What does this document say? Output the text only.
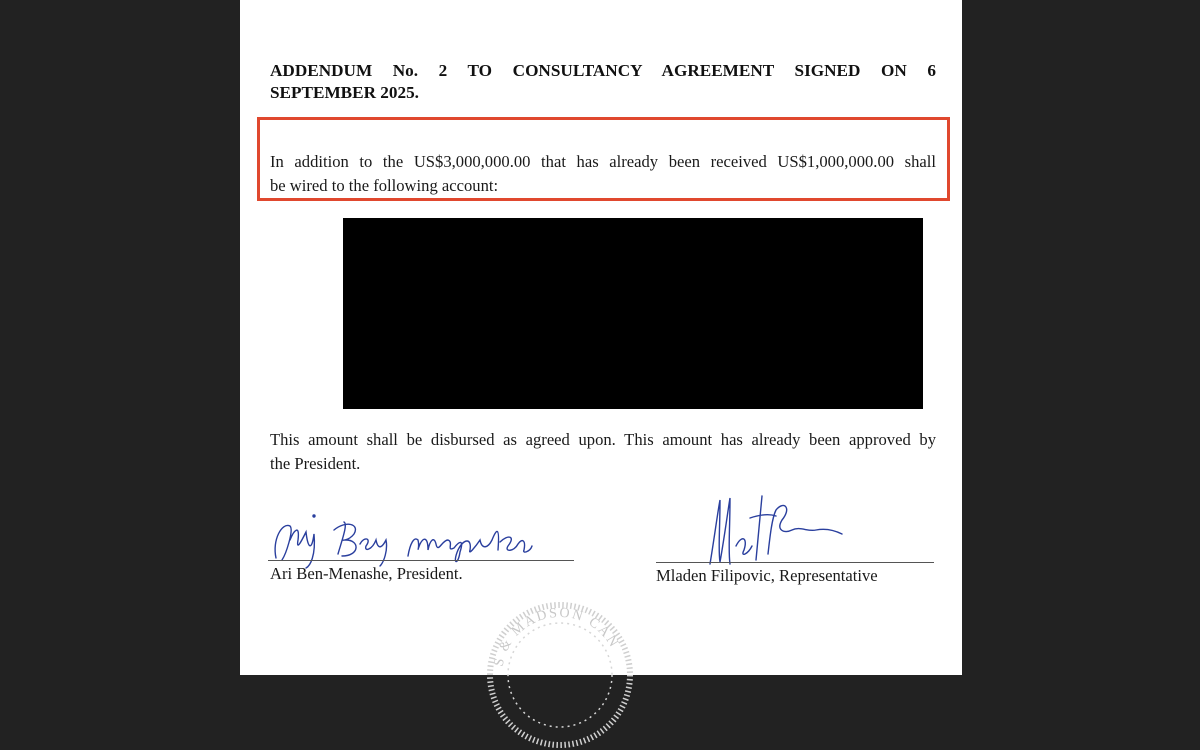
ADDENDUM No. 2 TO CONSULTANCY AGREEMENT SIGNED ON 6
SEPTEMBER 2025.
In addition to the US$3,000,000.00 that has already been received US$1,000,000.00 shall
be wired to the following account:
This amount shall be disbursed as agreed upon. This amount has already been approved by
the President.
Ari Ben-Menashe, President.	Mladen Filipovic, Representative
S & MADSON CAN
